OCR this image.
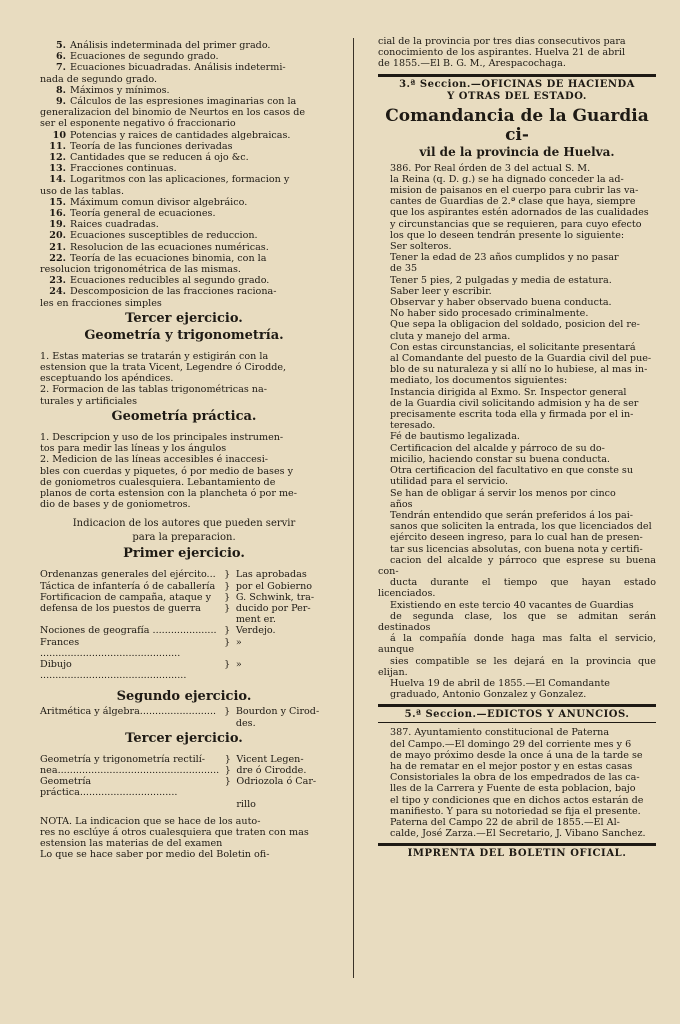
5. Análisis indeterminada del primer grado.
6. Ecuaciones de segundo grado.
7. Ecuaciones bicuadradas. Análisis indetermi-

nada de segundo grado.

8. Máximos y mínimos.
9. Cálculos de las espresiones imaginarias con la

generalizacion del binomio de Neurtos en los casos de

ser el esponente negativo ó fraccionario

10 Potencias y raices de cantidades algebraicas.
11. Teoría de las funciones derivadas
12. Cantidades que se reducen á ojo &c.
13. Fracciones continuas.
14. Logaritmos con las aplicaciones, formacion y

uso de las tablas.

15. Máximum comun divisor algebráico.
16. Teoría general de ecuaciones.
19. Raices cuadradas.
20. Ecuaciones susceptibles de reduccion.
21. Resolucion de las ecuaciones numéricas.
22. Teoría de las ecuaciones binomia, con la

resolucion trigonométrica de las mismas.

23. Ecuaciones reducibles al segundo grado.
24. Descomposicion de las fracciones raciona-

les en fracciones simples

Tercer ejercicio.
Geometría y trigonometría.

1. Estas materias se tratarán y estigirán con la

estension que la trata Vicent, Legendre ó Cirodde,

esceptuando los apéndices.

2. Formacion de las tablas trigonométricas na-

turales y artificiales

Geometría práctica.

1. Descripcion y uso de los principales instrumen-

tos para medir las líneas y los ángulos

2. Medicion de las líneas accesibles é inaccesi-

bles con cuerdas y piquetes, ó por medio de bases y

de goniometros cualesquiera. Lebantamiento de

planos de corta estension con la plancheta ó por me-

dio de bases y de goniometros.

Indicacion de los autores que pueden servir
para la preparacion.
Primer ejercicio.
Ordenanzas generales del ejército...	}	Las aprobadas
Táctica de infantería ó de caballería	}	por el Gobierno
Fortificacion de campaña, ataque y	}	G. Schwink, tra-
defensa de los puestos de guerra	}	ducido por Per-
		ment er.
Nociones de geografía .....................	}	Verdejo.
Frances ..............................................	}	»
Dibujo ................................................	}	»
Segundo ejercicio.
Aritmética y álgebra.........................	}	Bourdon y Cirod-
		des.
Tercer ejercicio.
Geometría y trigonometría rectilí-	}	Vicent Legen-
nea.....................................................	}	dre ó Cirodde.
Geometría práctica................................	}	Odriozola ó Car-
		rillo

NOTA. La indicacion que se hace de los auto-

res no esclúye á otros cualesquiera que traten con mas

estension las materias de del examen

Lo que se hace saber por medio del Boletin ofi-

cial de la provincia por tres dias consecutivos para

conocimiento de los aspirantes. Huelva 21 de abril

de 1855.—El B. G. M., Arespacochaga.

3.ª Seccion.—OFICINAS DE HACIENDA

Y OTRAS DEL ESTADO.

Comandancia de la Guardia ci-
vil de la provincia de Huelva.

386. Por Real órden de 3 del actual S. M.

la Reina (q. D. g.) se ha dignado conceder la ad-

mision de paisanos en el cuerpo para cubrir las va-

cantes de Guardias de 2.ª clase que haya, siempre

que los aspirantes estén adornados de las cualidades

y circunstancias que se requieren, para cuyo efecto

los que lo deseen tendrán presente lo siguiente:

Ser solteros.

Tener la edad de 23 años cumplidos y no pasar

de 35

Tener 5 pies, 2 pulgadas y media de estatura.

Saber leer y escribir.

Observar y haber observado buena conducta.

No haber sido procesado criminalmente.

Que sepa la obligacion del soldado, posicion del re-

cluta y manejo del arma.

Con estas circunstancias, el solicitante presentará

al Comandante del puesto de la Guardia civil del pue-

blo de su naturaleza y si allí no lo hubiese, al mas in-

mediato, los documentos siguientes:

Instancia dirigida al Exmo. Sr. Inspector general

de la Guardia civil solicitando admision y ha de ser

precisamente escrita toda ella y firmada por el in-

teresado.

Fé de bautismo legalizada.

Certificacion del alcalde y párroco de su do-

micilio, haciendo constar su buena conducta.

Otra certificacion del facultativo en que conste su

utilidad para el servicio.

Se han de obligar á servir los menos por cinco

años

Tendrán entendido que serán preferidos á los pai-

sanos que soliciten la entrada, los que licenciados del

ejército deseen ingreso, para lo cual han de presen-

tar sus licencias absolutas, con buena nota y certifi-

cacion del alcalde y párroco que esprese su buena con-

ducta durante el tiempo que hayan estado licenciados.

Existiendo en este tercio 40 vacantes de Guardias

de segunda clase, los que se admitan serán destinados

á la compañía donde haga mas falta el servicio, aunque

sies compatible se les dejará en la provincia que elijan.

Huelva 19 de abril de 1855.—El Comandante

graduado, Antonio Gonzalez y Gonzalez.

5.ª Seccion.—EDICTOS Y ANUNCIOS.

387. Ayuntamiento constitucional de Paterna

del Campo.—El domingo 29 del corriente mes y 6

de mayo próximo desde la once á una de la tarde se

ha de rematar en el mejor postor y en estas casas

Consistoriales la obra de los empedrados de las ca-

lles de la Carrera y Fuente de esta poblacion, bajo

el tipo y condiciones que en dichos actos estarán de

manifiesto. Y para su notoriedad se fija el presente.

Paterna del Campo 22 de abril de 1855.—El Al-

calde, José Zarza.—El Secretario, J. Vibano Sanchez.

IMPRENTA DEL BOLETIN OFICIAL.
